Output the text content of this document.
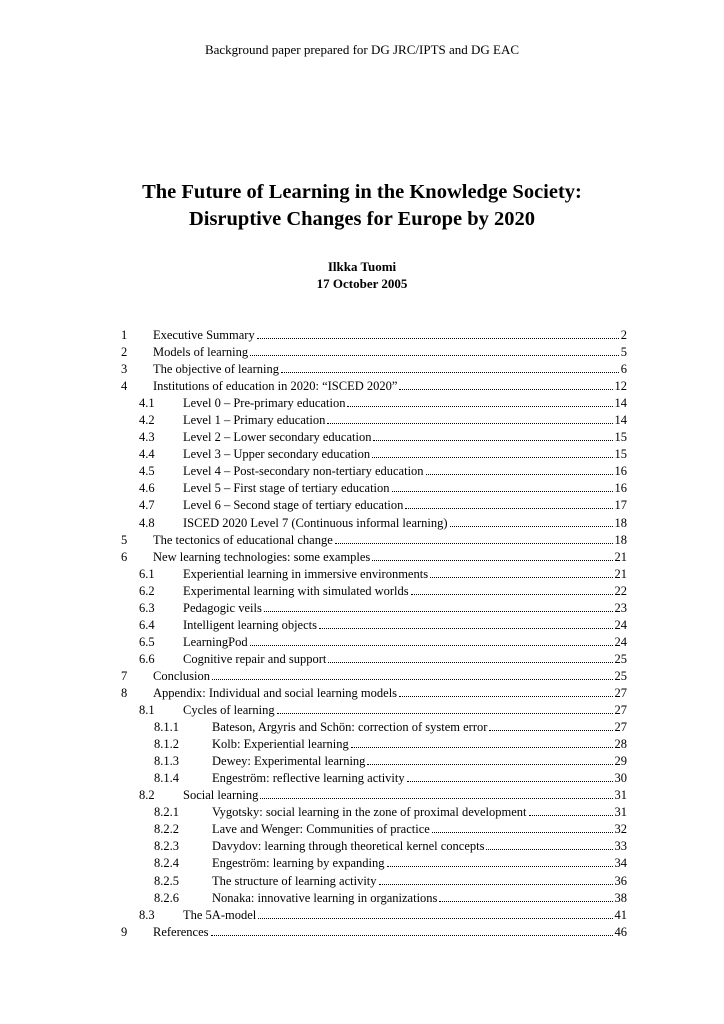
Background paper prepared for DG JRC/IPTS and DG EAC
The Future of Learning in the Knowledge Society:
Disruptive Changes for Europe by 2020
Ilkka Tuomi
17 October 2005
1	Executive Summary	2
2	Models of learning	5
3	The objective of learning	6
4	Institutions of education in 2020: “ISCED 2020”	12
4.1	Level 0 – Pre-primary education	14
4.2	Level 1 – Primary education	14
4.3	Level 2 – Lower secondary education	15
4.4	Level 3 – Upper secondary education	15
4.5	Level 4 – Post-secondary non-tertiary education	16
4.6	Level 5 – First stage of tertiary education	16
4.7	Level 6 – Second stage of tertiary education	17
4.8	ISCED 2020 Level 7 (Continuous informal learning)	18
5	The tectonics of educational change	18
6	New learning technologies: some examples	21
6.1	Experiential learning in immersive environments	21
6.2	Experimental learning with simulated worlds	22
6.3	Pedagogic veils	23
6.4	Intelligent learning objects	24
6.5	LearningPod	24
6.6	Cognitive repair and support	25
7	Conclusion	25
8	Appendix: Individual and social learning models	27
8.1	Cycles of learning	27
8.1.1	Bateson, Argyris and Schön: correction of system error	27
8.1.2	Kolb: Experiential learning	28
8.1.3	Dewey: Experimental learning	29
8.1.4	Engeström: reflective learning activity	30
8.2	Social learning	31
8.2.1	Vygotsky: social learning in the zone of proximal development	31
8.2.2	Lave and Wenger: Communities of practice	32
8.2.3	Davydov: learning through theoretical kernel concepts	33
8.2.4	Engeström: learning by expanding	34
8.2.5	The structure of learning activity	36
8.2.6	Nonaka: innovative learning in organizations	38
8.3	The 5A-model	41
9	References	46
